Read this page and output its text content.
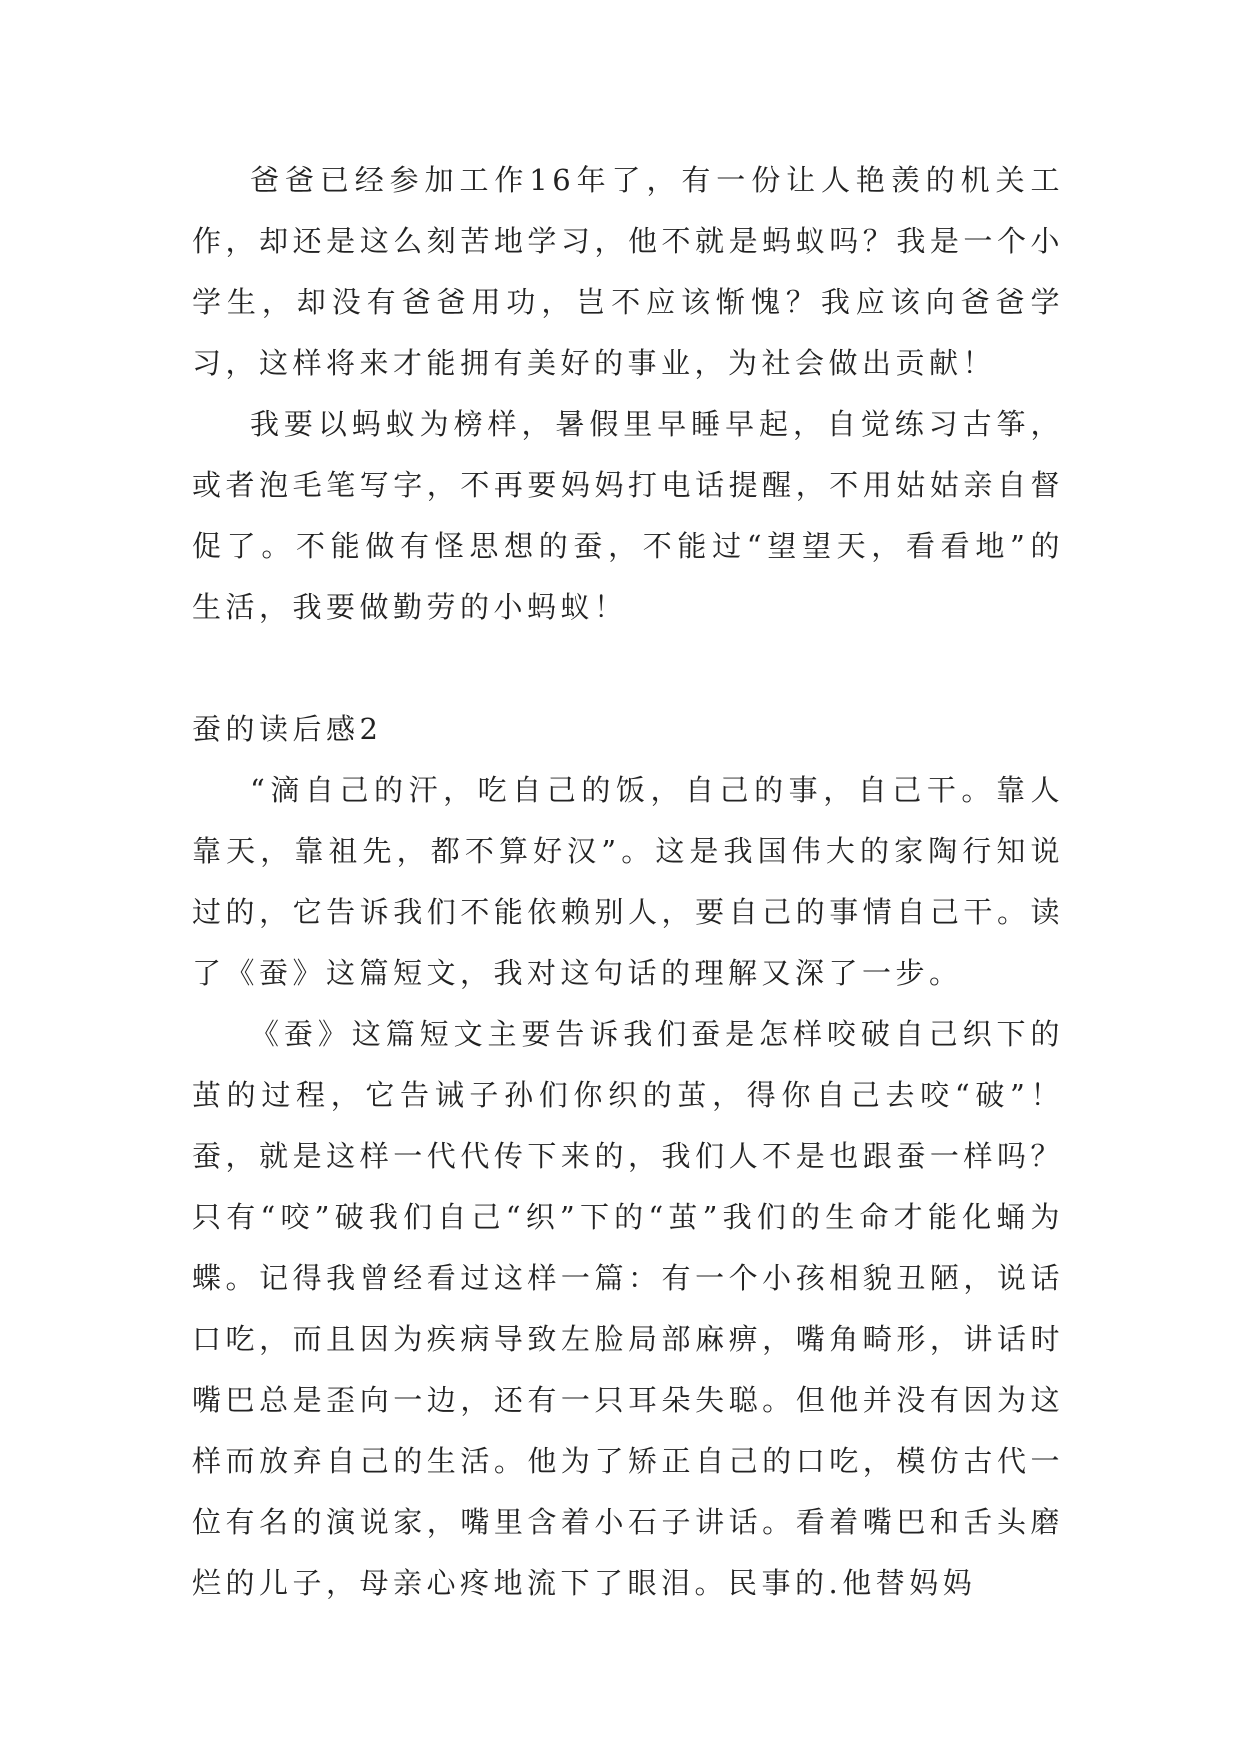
爸爸已经参加工作16年了，有一份让人艳羡的机关工作，却还是这么刻苦地学习，他不就是蚂蚁吗？我是一个小学生，却没有爸爸用功，岂不应该惭愧？我应该向爸爸学习，这样将来才能拥有美好的事业，为社会做出贡献！

我要以蚂蚁为榜样，暑假里早睡早起，自觉练习古筝，或者泡毛笔写字，不再要妈妈打电话提醒，不用姑姑亲自督促了。不能做有怪思想的蚕，不能过“望望天，看看地”的生活，我要做勤劳的小蚂蚁！

蚕的读后感2

“滴自己的汗，吃自己的饭，自己的事，自己干。靠人靠天，靠祖先，都不算好汉”。这是我国伟大的家陶行知说过的，它告诉我们不能依赖别人，要自己的事情自己干。读了《蚕》这篇短文，我对这句话的理解又深了一步。

《蚕》这篇短文主要告诉我们蚕是怎样咬破自己织下的茧的过程，它告诫子孙们你织的茧，得你自己去咬“破”！蚕，就是这样一代代传下来的，我们人不是也跟蚕一样吗？只有“咬”破我们自己“织”下的“茧”我们的生命才能化蛹为蝶。记得我曾经看过这样一篇：有一个小孩相貌丑陋，说话口吃，而且因为疾病导致左脸局部麻痹，嘴角畸形，讲话时嘴巴总是歪向一边，还有一只耳朵失聪。但他并没有因为这样而放弃自己的生活。他为了矫正自己的口吃，模仿古代一位有名的演说家，嘴里含着小石子讲话。看着嘴巴和舌头磨烂的儿子，母亲心疼地流下了眼泪。民事的.他替妈妈
